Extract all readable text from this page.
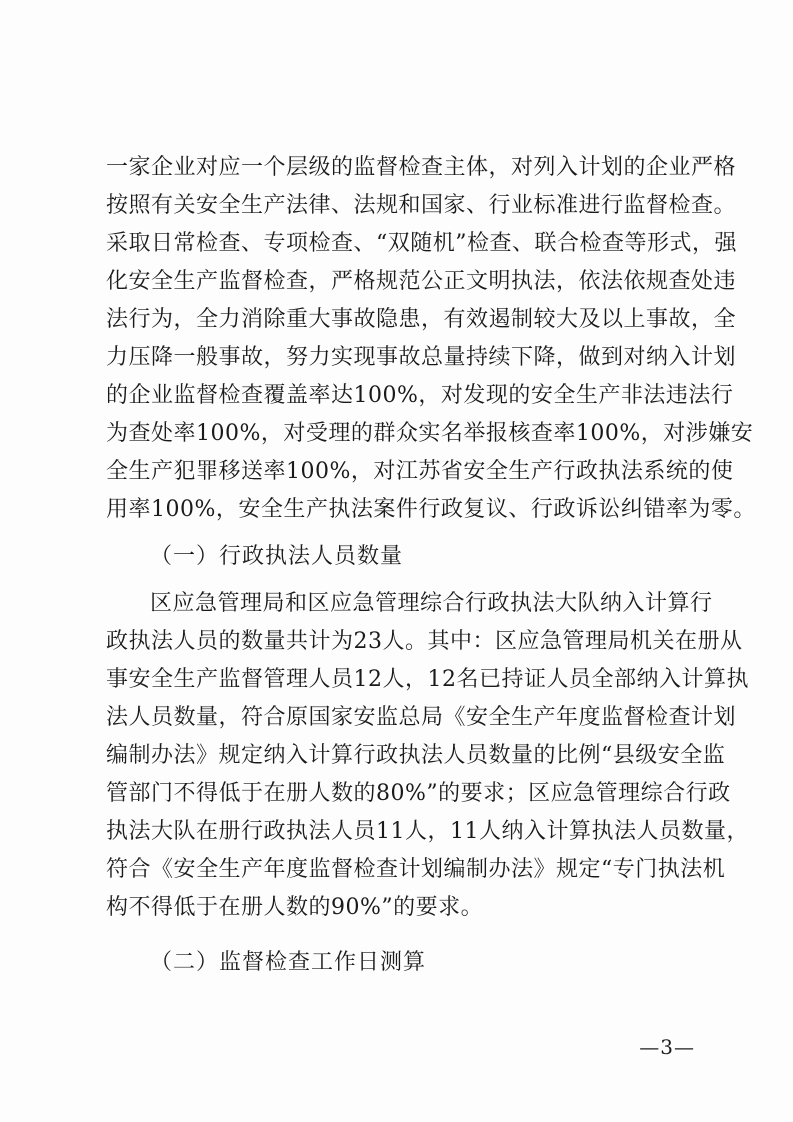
一家企业对应一个层级的监督检查主体，对列入计划的企业严格
按照有关安全生产法律、法规和国家、行业标准进行监督检查。
采取日常检查、专项检查、“双随机”检查、联合检查等形式，强
化安全生产监督检查，严格规范公正文明执法，依法依规查处违
法行为，全力消除重大事故隐患，有效遏制较大及以上事故，全
力压降一般事故，努力实现事故总量持续下降，做到对纳入计划
的企业监督检查覆盖率达100%，对发现的安全生产非法违法行
为查处率100%，对受理的群众实名举报核查率100%，对涉嫌安
全生产犯罪移送率100%，对江苏省安全生产行政执法系统的使
用率100%，安全生产执法案件行政复议、行政诉讼纠错率为零。
（一）行政执法人员数量
区应急管理局和区应急管理综合行政执法大队纳入计算行
政执法人员的数量共计为23人。其中：区应急管理局机关在册从
事安全生产监督管理人员12人，12名已持证人员全部纳入计算执
法人员数量，符合原国家安监总局《安全生产年度监督检查计划
编制办法》规定纳入计算行政执法人员数量的比例“县级安全监
管部门不得低于在册人数的80%”的要求；区应急管理综合行政
执法大队在册行政执法人员11人，11人纳入计算执法人员数量，
符合《安全生产年度监督检查计划编制办法》规定“专门执法机
构不得低于在册人数的90%”的要求。
（二）监督检查工作日测算
—3—
